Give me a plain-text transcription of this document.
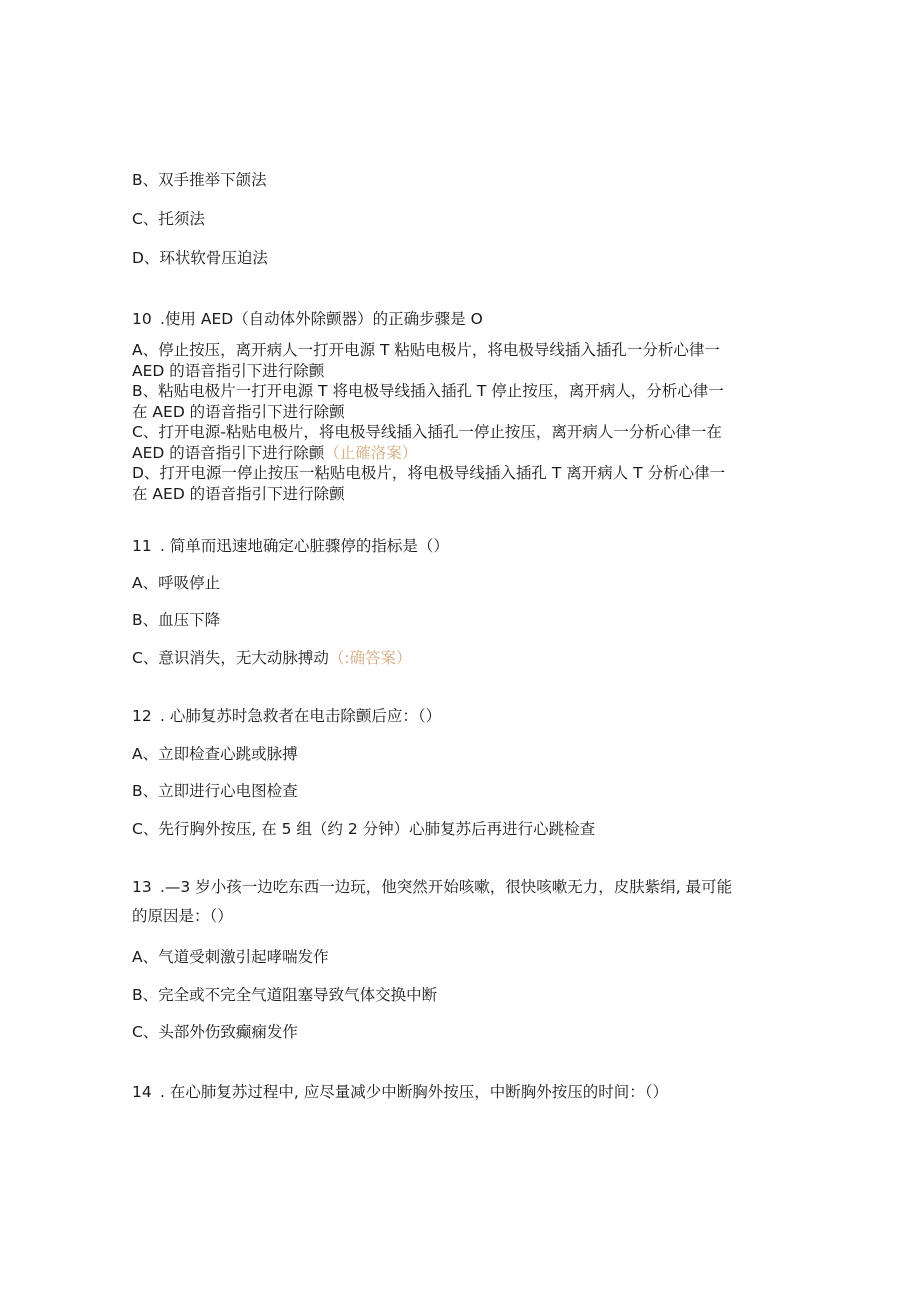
B、双手推举下颌法
C、托须法
D、环状软骨压迫法
10 .使用 AED（自动体外除颤器）的正确步骤是 O
A、停止按压，离开病人一打开电源 T 粘贴电极片，将电极导线插入插孔一分析心律一
AED 的语音指引下进行除颤
B、粘贴电极片一打开电源 T 将电极导线插入插孔 T 停止按压，离开病人，分析心律一
在 AED 的语音指引下进行除颤
C、打开电源-粘贴电极片，将电极导线插入插孔一停止按压，离开病人一分析心律一在
AED 的语音指引下进行除颤（止確洛案）
D、打开电源一停止按压一粘贴电极片，将电极导线插入插孔 T 离开病人 T 分析心律一
在 AED 的语音指引下进行除颤
11 . 简单而迅速地确定心脏骤停的指标是（）
A、呼吸停止
B、血压下降
C、意识消失，无大动脉搏动（:确答案）
12 . 心肺复苏时急救者在电击除颤后应：（）
A、立即检查心跳或脉搏
B、立即进行心电图检查
C、先行胸外按压, 在 5 组（约 2 分钟）心肺复苏后再进行心跳检查
13 .—3 岁小孩一边吃东西一边玩，他突然开始咳嗽，很快咳嗽无力，皮肤紫绢, 最可能
的原因是：（）
A、气道受刺激引起哮喘发作
B、完全或不完全气道阻塞导致气体交换中断
C、头部外伤致癫痫发作
14 . 在心肺复苏过程中, 应尽量减少中断胸外按压，中断胸外按压的时间：（）
